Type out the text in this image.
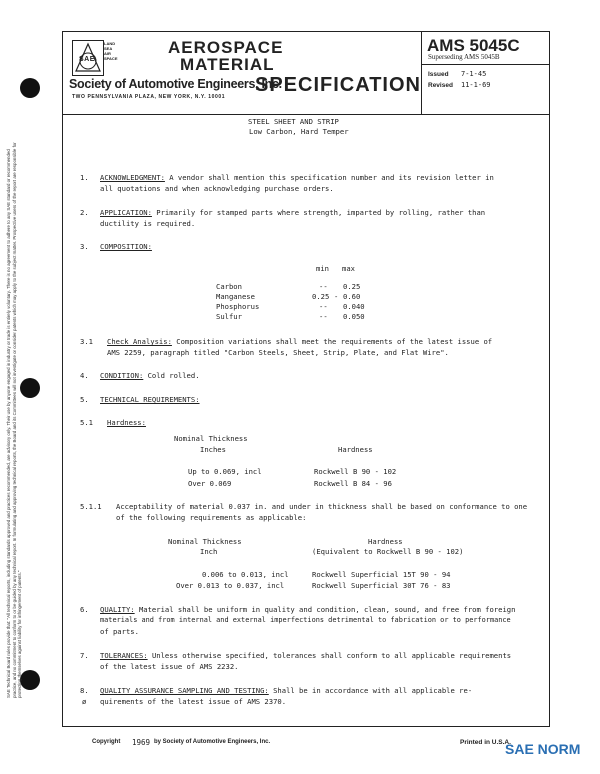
SAE Technical Board rules provide that: "All technical reports, including standards approved and practices recommended, are advisory only. Their use by anyone engaged in industry or trade is entirely voluntary. There is no agreement to adhere to any SAE standard or recommended practice, and no commitment to conform to or be guided by any technical report. In formulating and approving technical reports, the Board and its Committees will not investigate or consider patents which may apply to the subject matter. Prospective users of the report are responsible for protecting themselves against liability for infringement of patents."
SAE
LAND
SEA
AIR
SPACE
AEROSPACE
MATERIAL
SPECIFICATION
Society of Automotive Engineers, Inc.
TWO PENNSYLVANIA PLAZA, NEW YORK, N.Y. 10001
AMS 5045C
Superseding AMS 5045B
Issued 7-1-45
Revised 11-1-69
STEEL SHEET AND STRIP
Low Carbon, Hard Temper
1. ACKNOWLEDGMENT: A vendor shall mention this specification number and its revision letter in
all quotations and when acknowledging purchase orders.
2. APPLICATION: Primarily for stamped parts where strength, imparted by rolling, rather than
ductility is required.
3. COMPOSITION:
min max
Carbon	-- 0.25
Manganese	0.25 - 0.60
Phosphorus	-- 0.040
Sulfur	-- 0.050
3.1 Check Analysis: Composition variations shall meet the requirements of the latest issue of
AMS 2259, paragraph titled "Carbon Steels, Sheet, Strip, Plate, and Flat Wire".
4. CONDITION: Cold rolled.
5. TECHNICAL REQUIREMENTS:
5.1 Hardness:
Nominal Thickness
Inches	Hardness
Up to 0.069, incl	Rockwell B 90 - 102
Over 0.069	Rockwell B 84 - 96
5.1.1 Acceptability of material 0.037 in. and under in thickness shall be based on conformance to one
of the following requirements as applicable:
Nominal Thickness
Inch
Hardness
(Equivalent to Rockwell B 90 - 102)
0.006 to 0.013, incl	Rockwell Superficial 15T 90 - 94
Over 0.013 to 0.037, incl	Rockwell Superficial 30T 76 - 83
6. QUALITY: Material shall be uniform in quality and condition, clean, sound, and free from foreign
materials and from internal and external imperfections detrimental to fabrication or to performance
of parts.
7. TOLERANCES: Unless otherwise specified, tolerances shall conform to all applicable requirements
of the latest issue of AMS 2232.
8. QUALITY ASSURANCE SAMPLING AND TESTING: Shall be in accordance with all applicable re-
ø quirements of the latest issue of AMS 2370.
Copyright 1969 by Society of Automotive Engineers, Inc.	Printed in U.S.A.
SAE NORM
